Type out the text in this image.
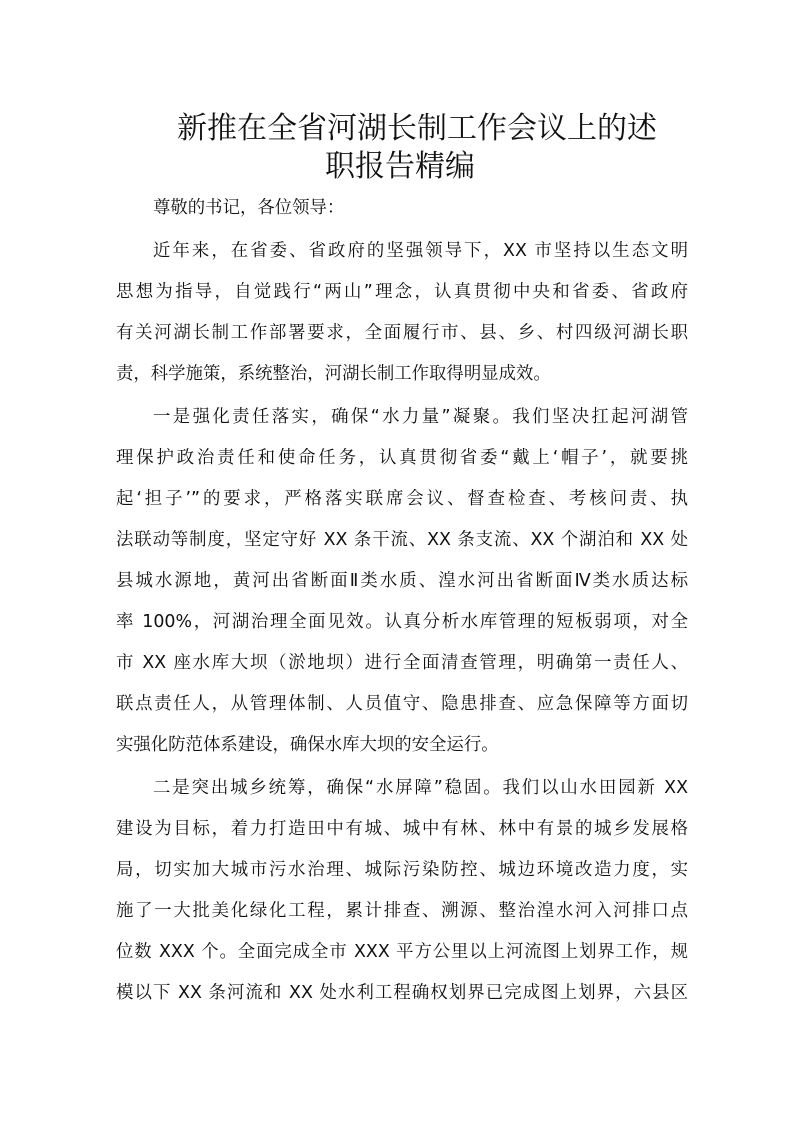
新推在全省河湖长制工作会议上的述
职报告精编
尊敬的书记，各位领导：
近年来，在省委、省政府的坚强领导下，XX 市坚持以生态文明
思想为指导，自觉践行“两山”理念，认真贯彻中央和省委、省政府
有关河湖长制工作部署要求，全面履行市、县、乡、村四级河湖长职
责，科学施策，系统整治，河湖长制工作取得明显成效。
一是强化责任落实，确保“水力量”凝聚。我们坚决扛起河湖管
理保护政治责任和使命任务，认真贯彻省委“戴上‘帽子’，就要挑
起‘担子’”的要求，严格落实联席会议、督查检查、考核问责、执
法联动等制度，坚定守好 XX 条干流、XX 条支流、XX 个湖泊和 XX 处
县城水源地，黄河出省断面Ⅱ类水质、湟水河出省断面Ⅳ类水质达标
率 100%，河湖治理全面见效。认真分析水库管理的短板弱项，对全
市 XX 座水库大坝（淤地坝）进行全面清查管理，明确第一责任人、
联点责任人，从管理体制、人员值守、隐患排查、应急保障等方面切
实强化防范体系建设，确保水库大坝的安全运行。
二是突出城乡统筹，确保“水屏障”稳固。我们以山水田园新 XX
建设为目标，着力打造田中有城、城中有林、林中有景的城乡发展格
局，切实加大城市污水治理、城际污染防控、城边环境改造力度，实
施了一大批美化绿化工程，累计排查、溯源、整治湟水河入河排口点
位数 XXX 个。全面完成全市 XXX 平方公里以上河流图上划界工作，规
模以下 XX 条河流和 XX 处水利工程确权划界已完成图上划界，六县区
